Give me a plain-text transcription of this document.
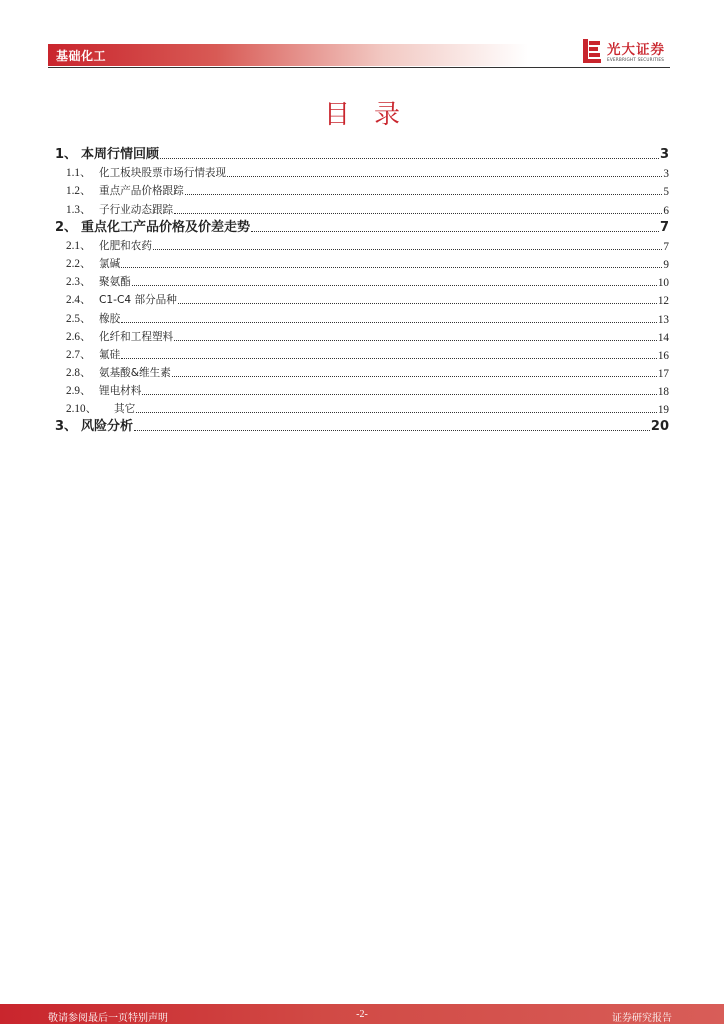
基础化工	光大证券
EVERBRIGHT SECURITIES
目录
1、 本周行情回顾	3
1.1、 化工板块股票市场行情表现	3
1.2、 重点产品价格跟踪	5
1.3、 子行业动态跟踪	6
2、 重点化工产品价格及价差走势	7
2.1、 化肥和农药	7
2.2、 氯碱	9
2.3、 聚氨酯	10
2.4、 C1-C4 部分品种	12
2.5、 橡胶	13
2.6、 化纤和工程塑料	14
2.7、 氟硅	16
2.8、 氨基酸&维生素	17
2.9、 锂电材料	18
2.10、	其它	19
3、 风险分析	20
敬请参阅最后一页特别声明	-2-	证券研究报告
